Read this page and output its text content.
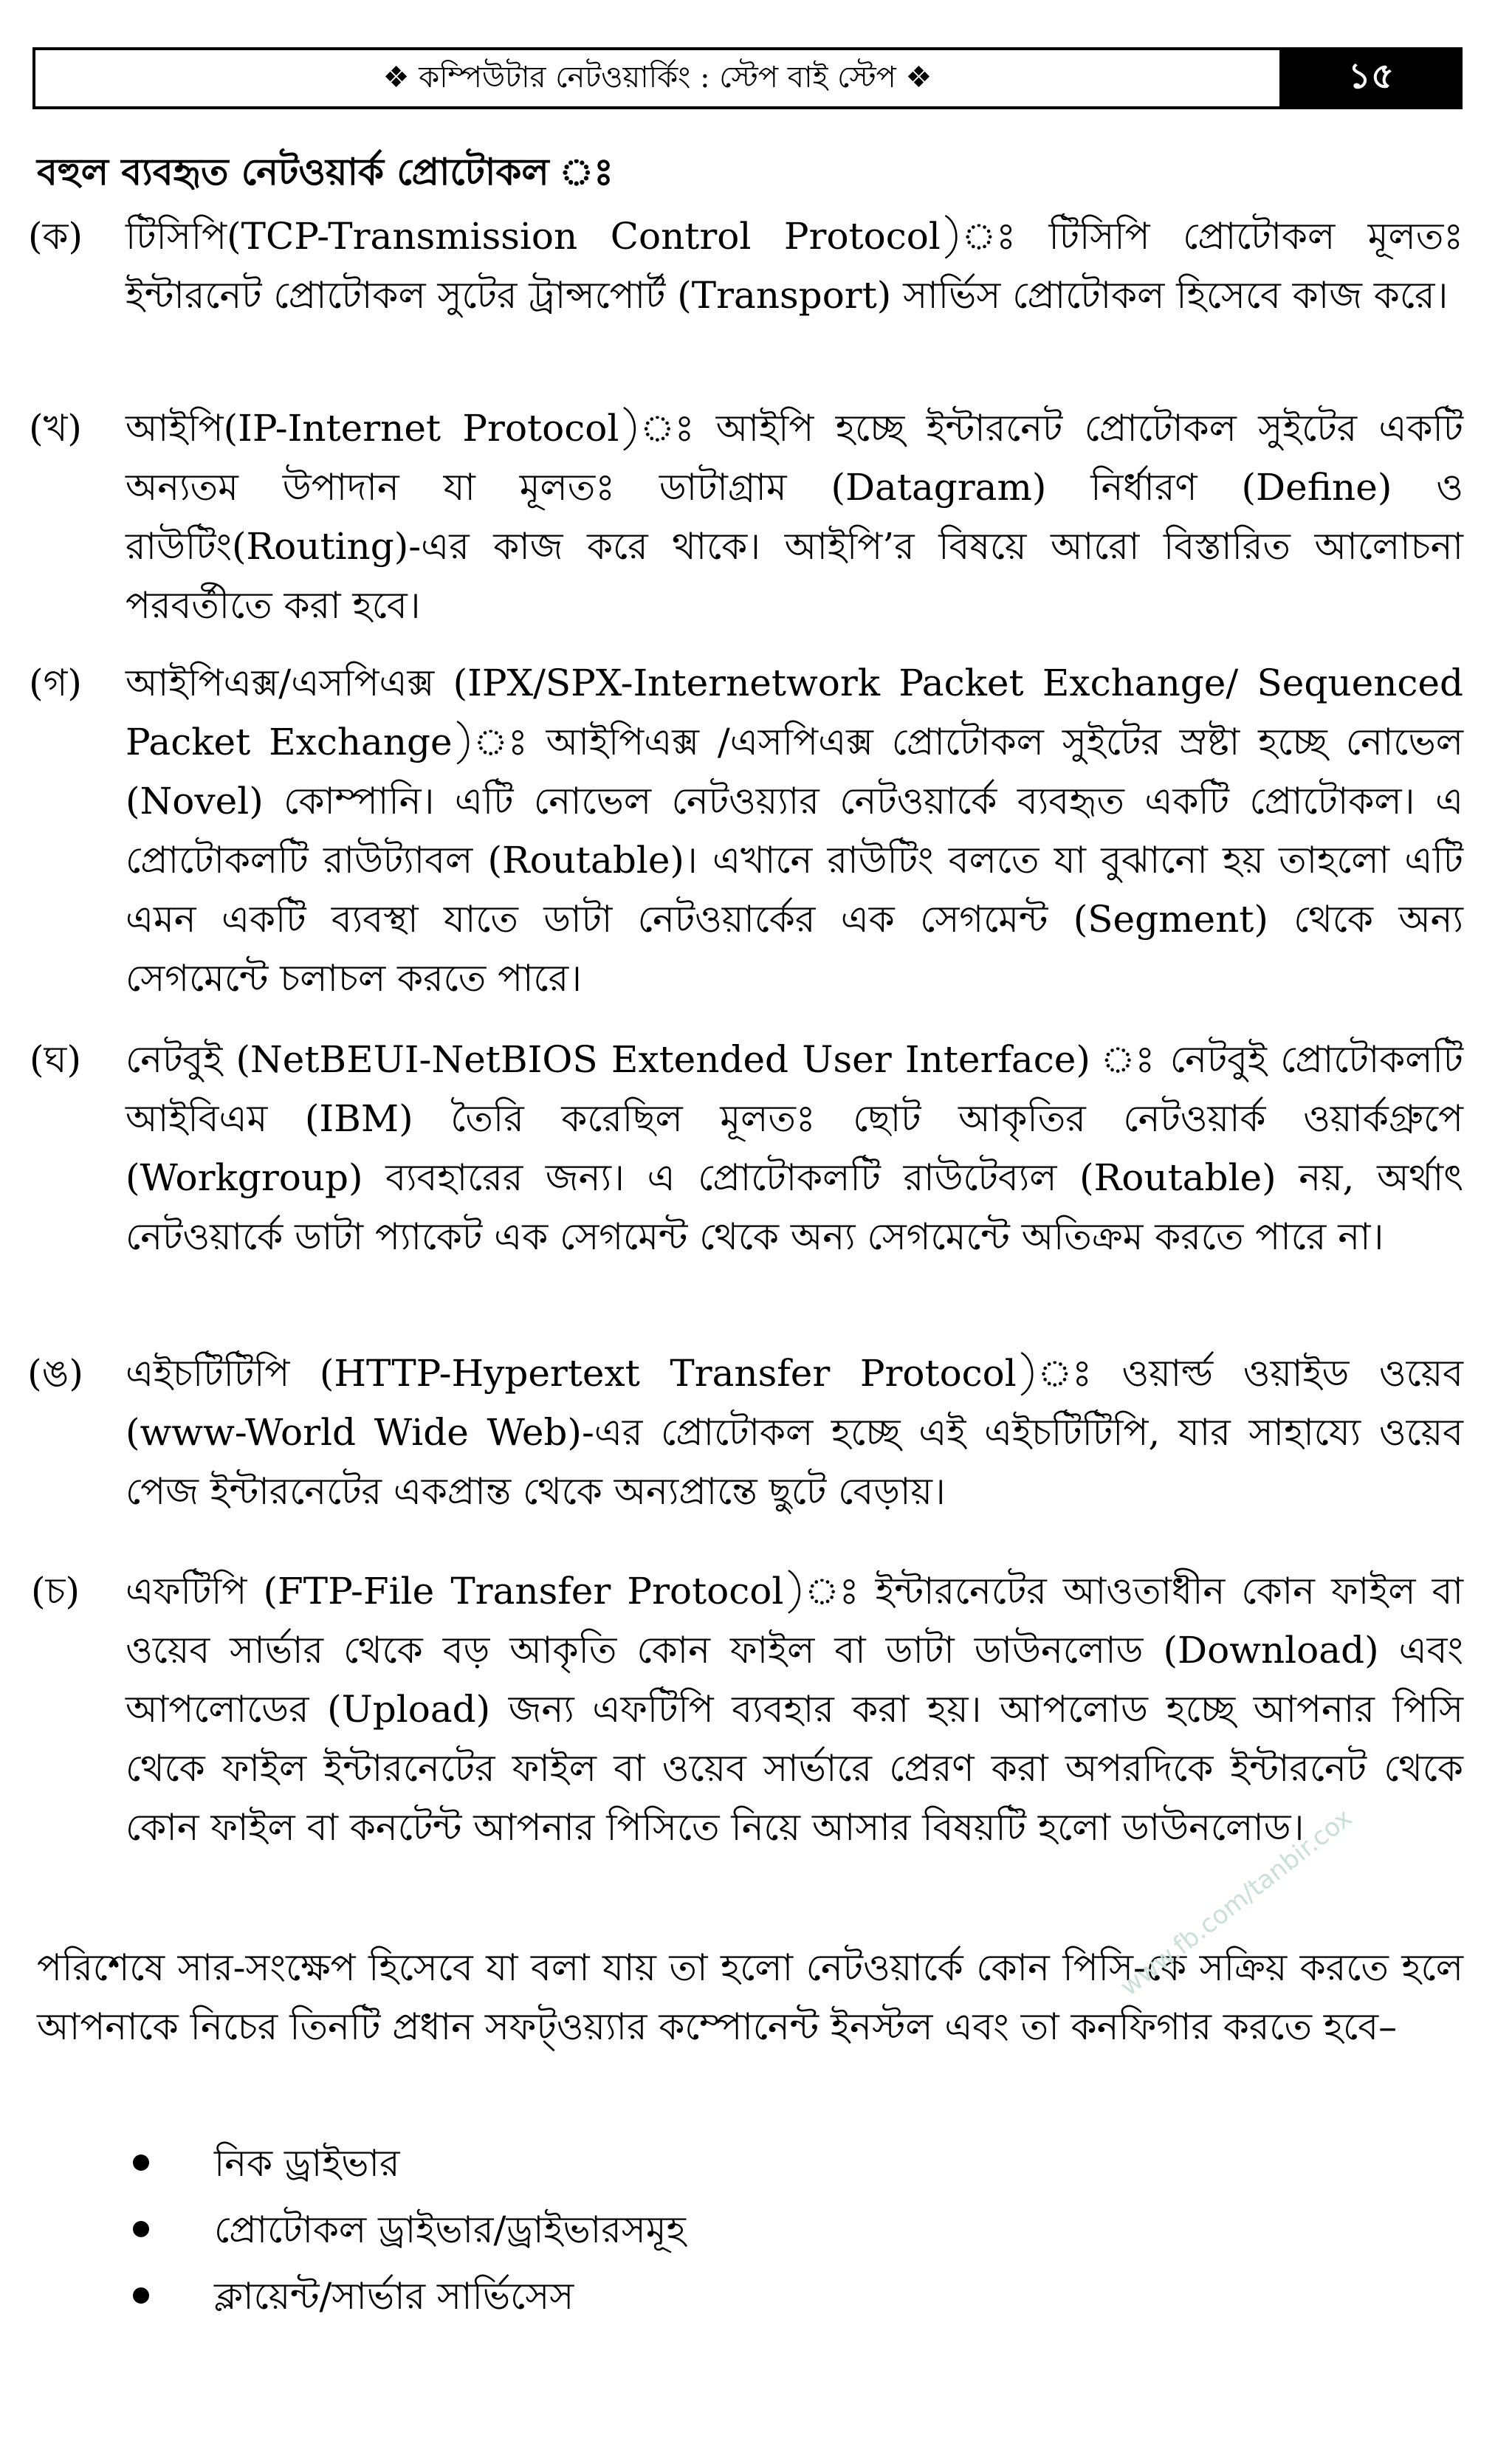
❖ কম্পিউটার নেটওয়ার্কিং : স্টেপ বাই স্টেপ ❖	১৫
বহুল ব্যবহৃত নেটওয়ার্ক প্রোটোকল ঃ
(ক)	টিসিপি(TCP-Transmission Control Protocol)ঃ টিসিপি প্রোটোকল মূলতঃ ইন্টারনেট প্রোটোকল সুটের ট্রান্সপোর্ট (Transport) সার্ভিস প্রোটোকল হিসেবে কাজ করে।
(খ)	আইপি(IP-Internet Protocol)ঃ আইপি হচ্ছে ইন্টারনেট প্রোটোকল সুইটের একটি অন্যতম উপাদান যা মূলতঃ ডাটাগ্রাম (Datagram) নির্ধারণ (Define) ও রাউটিং(Routing)-এর কাজ করে থাকে। আইপি’র বিষয়ে আরো বিস্তারিত আলোচনা পরবর্তীতে করা হবে।
(গ)	আইপিএক্স/এসপিএক্স (IPX/SPX-Internetwork Packet Exchange/ Sequenced Packet Exchange)ঃ আইপিএক্স /এসপিএক্স প্রোটোকল সুইটের স্রষ্টা হচ্ছে নোভেল (Novel) কোম্পানি। এটি নোভেল নেটওয়্যার নেটওয়ার্কে ব্যবহৃত একটি প্রোটোকল। এ প্রোটোকলটি রাউট্যাবল (Routable)। এখানে রাউটিং বলতে যা বুঝানো হয় তাহলো এটি এমন একটি ব্যবস্থা যাতে ডাটা নেটওয়ার্কের এক সেগমেন্ট (Segment) থেকে অন্য সেগমেন্টে চলাচল করতে পারে।
(ঘ)	নেটবুই (NetBEUI-NetBIOS Extended User Interface) ঃ নেটবুই প্রোটোকলটি আইবিএম (IBM) তৈরি করেছিল মূলতঃ ছোট আকৃতির নেটওয়ার্ক ওয়ার্কগ্রুপে (Workgroup) ব্যবহারের জন্য। এ প্রোটোকলটি রাউটেব্যল (Routable) নয়, অর্থাৎ নেটওয়ার্কে ডাটা প্যাকেট এক সেগমেন্ট থেকে অন্য সেগমেন্টে অতিক্রম করতে পারে না।
(ঙ)	এইচটিটিপি (HTTP-Hypertext Transfer Protocol)ঃ ওয়ার্ল্ড ওয়াইড ওয়েব (www-World Wide Web)-এর প্রোটোকল হচ্ছে এই এইচটিটিপি, যার সাহায্যে ওয়েব পেজ ইন্টারনেটের একপ্রান্ত থেকে অন্যপ্রান্তে ছুটে বেড়ায়।
(চ)	এফটিপি (FTP-File Transfer Protocol)ঃ ইন্টারনেটের আওতাধীন কোন ফাইল বা ওয়েব সার্ভার থেকে বড় আকৃতি কোন ফাইল বা ডাটা ডাউনলোড (Download) এবং আপলোডের (Upload) জন্য এফটিপি ব্যবহার করা হয়। আপলোড হচ্ছে আপনার পিসি থেকে ফাইল ইন্টারনেটের ফাইল বা ওয়েব সার্ভারে প্রেরণ করা অপরদিকে ইন্টারনেট থেকে কোন ফাইল বা কনটেন্ট আপনার পিসিতে নিয়ে আসার বিষয়টি হলো ডাউনলোড।
পরিশেষে সার-সংক্ষেপ হিসেবে যা বলা যায় তা হলো নেটওয়ার্কে কোন পিসি-কে সক্রিয় করতে হলে আপনাকে নিচের তিনটি প্রধান সফট্ওয়্যার কম্পোনেন্ট ইনস্টল এবং তা কনফিগার করতে হবে–
নিক ড্রাইভার
প্রোটোকল ড্রাইভার/ড্রাইভারসমূহ
ক্লায়েন্ট/সার্ভার সার্ভিসেস
www.fb.com/tanbir.cox
